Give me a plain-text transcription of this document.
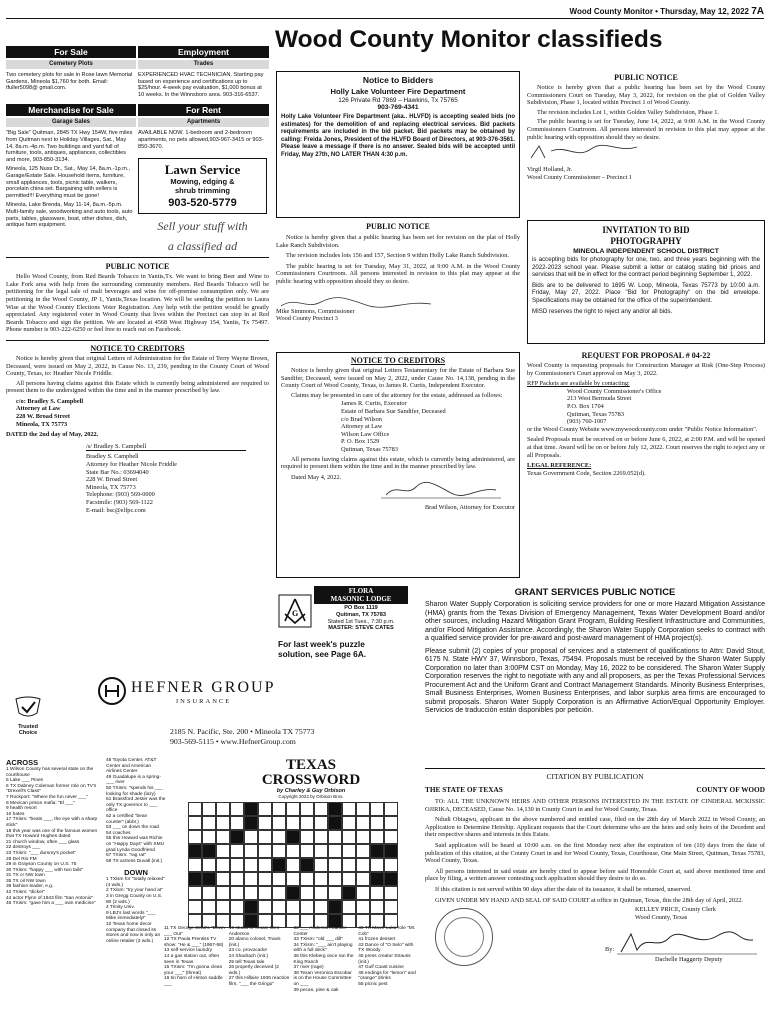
Wood County Monitor • Thursday, May 12, 2022 7A
Wood County Monitor classifieds
For Sale	Employment
Cemetery Plots	Trades
Two cemetery plots for sale in Rose lawn Memorial Gardens, Mineola $1,760 for both. Email: tfuller5098@ gmail.com.
EXPERIENCED HVAC TECHNICIAN. Starting pay based on experience and certifications up to $25/hour. 4-week pay evaluation, $1,000 bonus at 10 weeks. In the Winnsboro area. 903-316-6537.
Merchandise for Sale	For Rent
Garage Sales	Apartments
"Big Sale" Quitman, 2845 TX Hwy 154W, five miles from Quitman next to Holiday Villages, Sat., May 14, 8a.m.-4p.m. Two buildings and yard full of furniture, tools, antiques, appliances, collectibles and more, 903-850-3134.
Mineola, 125 Nuss Dr., Sat., May 14, 8a.m.-1p.m., Garage/Estate Sale. Household items, furniture, small appliances, tools, picnic table, walkers, porcelain china set. Bargaining with sellers is permitted!!! Everything must be gone!
Mineola, Lake Brenda, May 11-14, 8a.m.-5p.m. Multi-family sale, woodworking and auto tools, auto parts, tables, glassware, boat, other dishes, dish, antique farm equipment.
AVAILABLE NOW. 1-bedroom and 2-bedroom apartments, no pets allowed,903-967-3415 or 903-850-3670.
Lawn Service
Mowing, edging &
shrub trimming
903-520-5779
Sell your stuff with
a classified ad
PUBLIC NOTICE
Hello Wood County, from Red Beards Tobacco in Yantis,Tx. We want to bring Beer and Wine to Lake Fork area with help from the surrounding community members. Red Beards Tobacco will be petitioning for the legal sale of malt beverages and wine for off-premise consumption only. We are petitioning in the Wood County, JP 1, Yantis,Texas location. We will be sending the petition to Laura Wise at the Wood County Elections Voter Registration. Any help with the petition would be greatly appreciated. Any registered voter in Wood County that lives within the Precinct can stop in at Red Beards Tobacco and sign the petition. We are located at 4568 West Highway 154, Yantis, Tx 75497. Phone number is 903-222-6250 or feel free to reach out on Facebook.
NOTICE TO CREDITORS
Notice is hereby given that original Letters of Administration for the Estate of Terry Wayne Brown, Deceased, were issued on May 2, 2022, in Cause No. 13, 239, pending in the County Court of Wood County, Texas, to: Heather Nicole Friddle.
All persons having claims against this Estate which is currently being administered are required to present them to the undersigned within the time and in the manner prescribed by law.
c/o: Bradley S. Campbell
Attorney at Law
228 W. Broad Street
Mineola, TX 75773
DATED the 2nd day of May, 2022.
/s/ Bradley S. Campbell
Bradley S. Campbell
Attorney for Heather Nicole Friddle
State Bar No.: 03694040
228 W. Broad Street
Mineola, TX 75773
Telephone: (903) 569-0000
Facsimile: (903) 569-1122
E-mail: bsc@elfpc.com
Notice to Bidders
Holly Lake Volunteer Fire Department
126 Private Rd 7869 – Hawkins, Tx 75765
903-769-4341
Holly Lake Volunteer Fire Department (aka.. HLVFD) is accepting sealed bids (no estimates) for the demolition of and replacing electrical services. Bid packets requirements are included in the bid packet. Bid packets may be obtained by calling: Freida Jones, President of the HLVFD Board of Directors, at 903-376-3561. Please leave a message if there is no answer. Sealed bids will be accepted until Friday, May 27th, NO LATER THAN 4:30 p.m.
PUBLIC NOTICE
Notice is hereby given that a public hearing has been set for revision on the plat of Holly Lake Ranch Subdivision.
The revision includes lots 156 and 157, Section 9 within Holly Lake Ranch Subdivision.
The public hearing is set for Tuesday, May 31, 2022, at 9:00 A.M. in the Wood County Commissioners Courtroom. All persons interested in revision to this plat may appear at the public hearing with opposition should they so desire.
Mike Simmons, Commissioner
Wood County Precinct 3
NOTICE TO CREDITORS
Notice is hereby given that original Letters Testamentary for the Estate of Barbara Sue Sandifer, Deceased, were issued on May 2, 2022, under Cause No. 14,138, pending in the County Court of Wood County, Texas, to James R. Curtis, Independent Executor.
Claims may be presented in care of the attorney for the estate, addressed as follows:
James R. Curtis, Executor
Estate of Barbara Sue Sandifer, Deceased
c/o Brad Wilson
Attorney at Law
Wilson Law Office
P. O. Box 1529
Quitman, Texas 75783
All persons having claims against this estate, which is currently being administered, are required to present them within the time and in the manner prescribed by law.
Dated May 4, 2022.
Brad Wilson, Attorney for Executor
G
FLORA
MASONIC LODGE
PO Box 1119
Quitman, TX 75783
Stated 1st Tues., 7:30 p.m.
MASTER: STEVE CATES
For last week's puzzle
solution, see Page 6A.
Trusted
Choice
HEFNER GROUP
INSURANCE
2185 N. Pacific, Ste. 200 • Mineola TX 75773
903-569-5115 • www.HefnerGroup.com
PUBLIC NOTICE
Notice is hereby given that a public hearing has been set by the Wood County Commissioners Court on Tuesday, May 3, 2022, for revision on the plat of Golden Valley Subdivision, Phase 1, located within Precinct 1 of Wood County.
The revision includes Lot 1, within Golden Valley Subdivision, Phase 1.
The public hearing is set for Tuesday, June 14, 2022, at 9:00 A.M. in the Wood County Commissioners Courtroom. All persons interested in revision to this plat may appear at the public hearing with opposition should they so desire.
Virgil Holland, Jr.
Wood County Commissioner – Precinct 1
INVITATION TO BID
PHOTOGRAPHY
MINEOLA INDEPENDENT SCHOOL DISTRICT
is accepting bids for photography for one, two, and three years beginning with the 2022-2023 school year. Please submit a letter or catalog stating bid prices and services that will be in effect for the contract period beginning September 1, 2022.
Bids are to be delivered to 1695 W. Loop, Mineola, Texas 75773 by 10:00 a.m. Friday, May 27, 2022. Place "Bid for Photography" on the bid envelope. Specifications may be obtained for the office of the superintendent.
MISD reserves the right to reject any and/or all bids.
REQUEST FOR PROPOSAL # 04-22
Wood County is requesting proposals for Construction Manager at Risk (One-Step Process) by Commissioner's Court approval on May 3, 2022.
RFP Packets are available by contacting:
Wood County Commissioner's Office
213 West Bermuda Street
P.O. Box 1704
Quitman, Texas 75783
(903) 760-1007
or the Wood County Website www.mywoodcounty.com under "Public Notice Information".
Sealed Proposals must be received on or before June 6, 2022, at 2:00 P.M. and will be opened at that time. Award will be on or before July 12, 2022. Court reserves the right to reject any or all Proposals.
LEGAL REFERENCE:
Texas Government Code, Section 2269.052(d).
GRANT SERVICES PUBLIC NOTICE
Sharon Water Supply Corporation is soliciting service providers for one or more Hazard Mitigation Assistance (HMA) grants from the Texas Division of Emergency Management, Texas Water Development Board and/or other sources, including Hazard Mitigation Grant Program, Building Resilient Infrastructure and Communities, and/or Flood Mitigation Assistance. Accordingly, the Sharon Water Supply Corporation seeks to contract with a qualified service provider for pre-award and post-award management of HMA project(s).
Please submit (2) copies of your proposal of services and a statement of qualifications to Attn: David Stout, 6175 N. State HWY 37, Winnsboro, Texas, 75494. Proposals must be received by the Sharon Water Supply Corporation no later than 3:00PM CST on Monday, May 16, 2022 to be considered. The Sharon Water Supply Corporation reserves the right to negotiate with any and all proposers, as per the Texas Professional Services Procurement Act and the Uniform Grant and Contract Management Standards. Minority Business Enterprises, Small Business Enterprises, Women Business Enterprises, and labor surplus area firms are encouraged to submit proposals. Sharon Water Supply Corporation is an Affirmative Action/Equal Opportunity Employer. Servicios de traducción están disponibles por petición.
CITATION BY PUBLICATION
THE STATE OF TEXAS	COUNTY OF WOOD
TO: ALL THE UNKNOWN HEIRS AND OTHER PERSONS INTERESTED IN THE ESTATE OF CINDERAL MCKISSIC OJIRIKA, DECEASED, Cause No. 14,130 in County Court in and for Wood County, Texas.
Ndudi Obiagwu, applicant in the above numbered and entitled case, filed on the 28th day of March 2022 in Wood County, an Application to Determine Heirship. Applicant requests that the Court determine who are the heirs and only heirs of the Decedent and their respective shares and interests in this Estate.
Said application will be heard at 10:00 a.m. on the first Monday next after the expiration of ten (10) days from the date of publication of this citation, at the County Court in and for Wood County, Texas, Courthouse, One Main Street, Quitman, Texas 75783, Wood County, Texas.
All persons interested in said estate are hereby cited to appear before said Honorable Court at, said above mentioned time and place by filing, a written answer contesting such application should they desire to do so.
If this citation is not served within 90 days after the date of its issuance, it shall be returned, unserved.
GIVEN UNDER MY HAND AND SEAL OF SAID COURT at office in Quitman, Texas, this the 28th day of April, 2022.
KELLEY PRICE, County Clerk
Wood County, Texas
By:
Dachelle Haggerty Deputy
ACROSS
1 Wilson County has several state on the courthouse
5 Lake ___ Pines
6 TX Dabney Coleman former role on TV's "Drexell's Class"
7 Rockport: "Where the fun never ___"
8 Mexican prison mafia: "El ___"
9 health resort
10 hates
17 TXism: "beats ___, the eye with a sharp stick"
18 this year was one of the famous women that TX Howard Hughes dated
21 church window, often ___ glass
22 destroys ___
23 TXism: "___ dummy's pocket"
28 Del Rio FM
29 in Grayson County on U.S. 75
30 TXism: "happy ___ with two tails"
31 TX cr NW town
35 TX oil NW town
39 fashion leader, e.g.
42 TXism: "dicker"
44 actor Flynn of 1943 film "San Antonio"
46 TXism: "gave him a ___ own medicine"
48 Toyota Center, AT&T Center and American Airlines Center
49 Guadalupe is a spring-___ river
50 TXism: "spends his ___ looking for shade (lazy)
51 Brassford Jester was the only TX governor to ___ office
52 a certified "bean counter" (abbr.)
53 ___ on down the road
54 coaches
55 this Howard was Richie on "Happy Days" with SMU grad Lynda Goodfriend
57 TXism: "rag rat"
58 TX actress Duvall (init.)
DOWN
1 TXism for "totally relaxed" (4 wds.)
2 TXism: "try your hand at"
3 in Gregg County on U.S. 80 (2 wds.)
4 Trinity Univ.
9 LBJ's last words "___ Mike immediately!"
10 Texas home decor company that closed its stores and now is only an online retailer (3 wds.)
TEXAS
CROSSWORD
by Charley & Guy Orbison
Copyright 2022 by Orbison Bros.
11 TX George Strait's "Down ___ Out"
12 TX Paula Prentiss TV show: "He & ___" (1967-68)
13 self-service laundry
14 a gas station out, often seen in Texas
15 TXism: "I'm gonna clean your ___" (threat)
16 tin horn of Hinton saddle ___
19 studio in Texas: Wes Anderson
20 alamo colonel, Travis (init.)
23 co. provocador
24 Shadrach (init.)
25 tell Texas tale
26 properly deceived (2 wds.)
27 this Hillaire 1936 reaction film, "___ the Gringo"
32 ___ Anderson Cancer Center
33 TXism: "old ___ dill"
34 TXism: "___ ain't playing with a full deck"
36 this Kleberg once ran the King Ranch
37 river (rage)
38 Texan Veronica Escobar is on the House Committee on ___
39 pecan, pine & oak
40 TX Mavs' Luka role "Mr. Cob"
41 frozen dessert
43 Dance of "O Selo" with TX Woody
45 press creator Strauss (init.)
47 Gulf Coast cuisine
48 endings for "lemon" and "orange" drinks
55 picnic pest
